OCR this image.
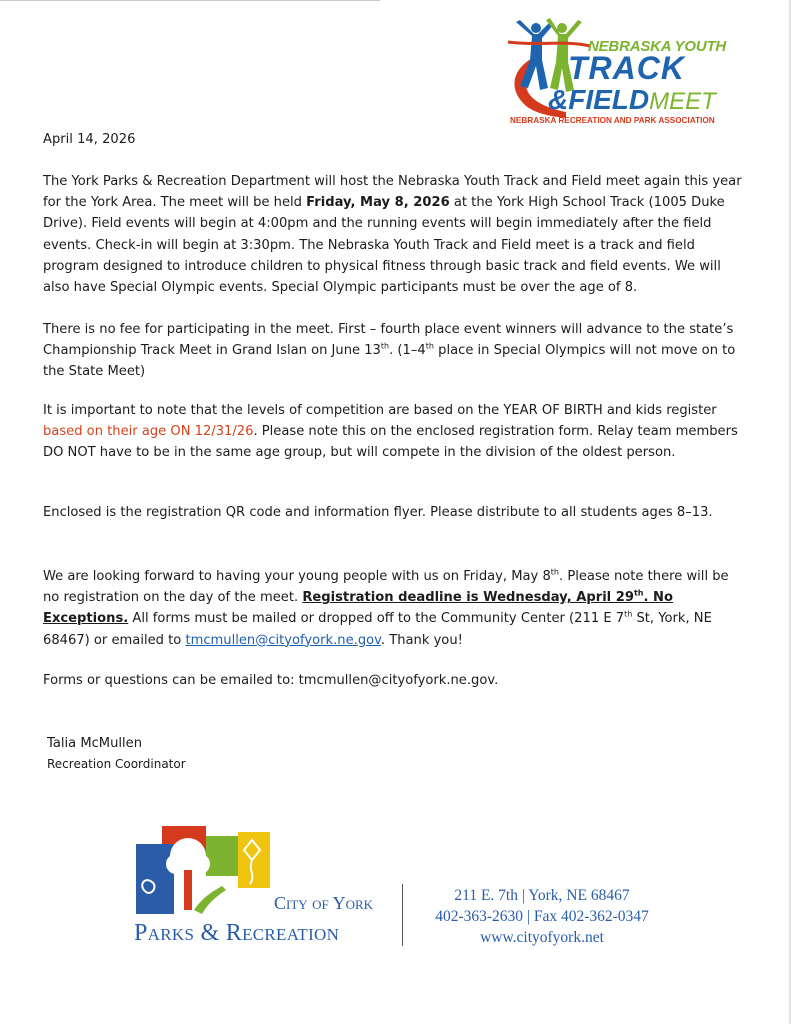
NEBRASKA YOUTH
TRACK
&FIELDMEET
NEBRASKA RECREATION AND PARK ASSOCIATION
April 14, 2026

The York Parks & Recreation Department will host the Nebraska Youth Track and Field meet again this year for the York Area. The meet will be held Friday, May 8, 2026 at the York High School Track (1005 Duke Drive). Field events will begin at 4:00pm and the running events will begin immediately after the field events. Check-in will begin at 3:30pm. The Nebraska Youth Track and Field meet is a track and field program designed to introduce children to physical fitness through basic track and field events. We will also have Special Olympic events. Special Olympic participants must be over the age of 8.

There is no fee for participating in the meet. First – fourth place event winners will advance to the state’s Championship Track Meet in Grand Islan on June 13th. (1–4th place in Special Olympics will not move on to the State Meet)

It is important to note that the levels of competition are based on the YEAR OF BIRTH and kids register based on their age ON 12/31/26. Please note this on the enclosed registration form. Relay team members DO NOT have to be in the same age group, but will compete in the division of the oldest person.

Enclosed is the registration QR code and information flyer. Please distribute to all students ages 8–13.

We are looking forward to having your young people with us on Friday, May 8th. Please note there will be no registration on the day of the meet. Registration deadline is Wednesday, April 29th. No Exceptions. All forms must be mailed or dropped off to the Community Center (211 E 7th St, York, NE 68467) or emailed to tmcmullen@cityofyork.ne.gov. Thank you!

Forms or questions can be emailed to: tmcmullen@cityofyork.ne.gov.

Talia McMullen
Recreation Coordinator
City of York
Parks & Recreation
211 E. 7th | York, NE 68467
402-363-2630 | Fax 402-362-0347
www.cityofyork.net
